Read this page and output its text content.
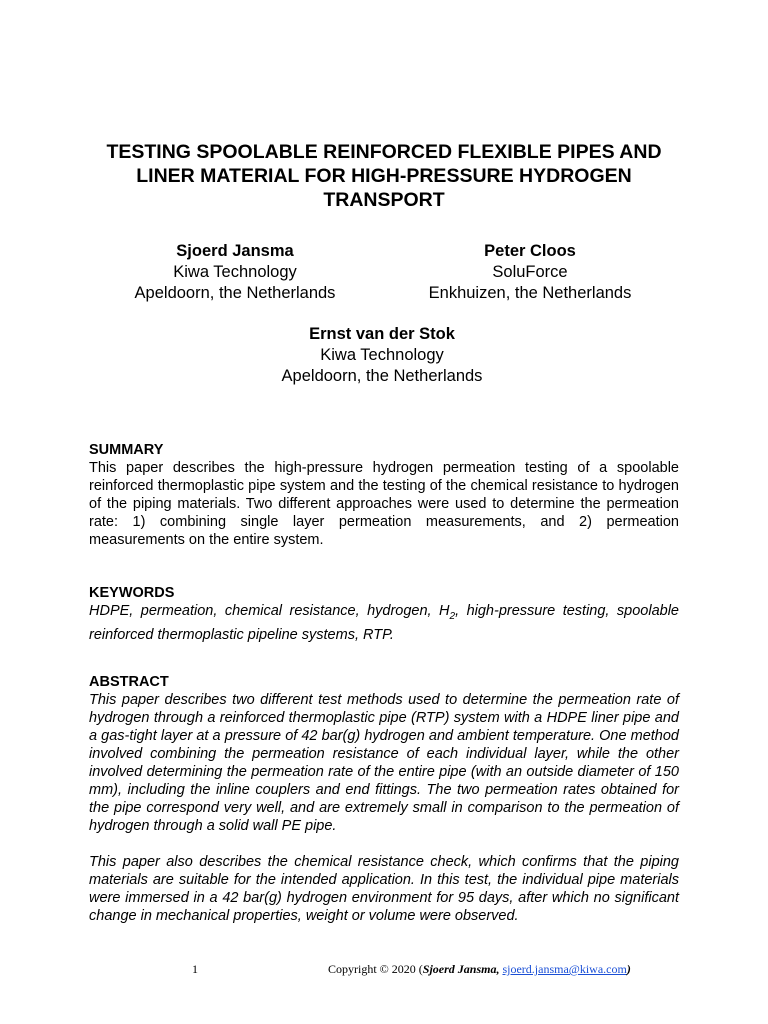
TESTING SPOOLABLE REINFORCED FLEXIBLE PIPES AND
LINER MATERIAL FOR HIGH-PRESSURE HYDROGEN
TRANSPORT
Sjoerd Jansma
Kiwa Technology
Apeldoorn, the Netherlands
Peter Cloos
SoluForce
Enkhuizen, the Netherlands
Ernst van der Stok
Kiwa Technology
Apeldoorn, the Netherlands
SUMMARY

This paper describes the high-pressure hydrogen permeation testing of a spoolable reinforced thermoplastic pipe system and the testing of the chemical resistance to hydrogen of the piping materials. Two different approaches were used to determine the permeation rate: 1) combining single layer permeation measurements, and 2) permeation measurements on the entire system.

KEYWORDS

HDPE, permeation, chemical resistance, hydrogen, $H_2$, high-pressure testing, spoolable reinforced thermoplastic pipeline systems, RTP.

ABSTRACT

This paper describes two different test methods used to determine the permeation rate of hydrogen through a reinforced thermoplastic pipe (RTP) system with a HDPE liner pipe and a gas-tight layer at a pressure of 42 bar(g) hydrogen and ambient temperature. One method involved combining the permeation resistance of each individual layer, while the other involved determining the permeation rate of the entire pipe (with an outside diameter of 150 mm), including the inline couplers and end fittings. The two permeation rates obtained for the pipe correspond very well, and are extremely small in comparison to the permeation of hydrogen through a solid wall PE pipe.

This paper also describes the chemical resistance check, which confirms that the piping materials are suitable for the intended application. In this test, the individual pipe materials were immersed in a 42 bar(g) hydrogen environment for 95 days, after which no significant change in mechanical properties, weight or volume were observed.

1	Copyright © 2020 (Sjoerd Jansma, sjoerd.jansma@kiwa.com)
